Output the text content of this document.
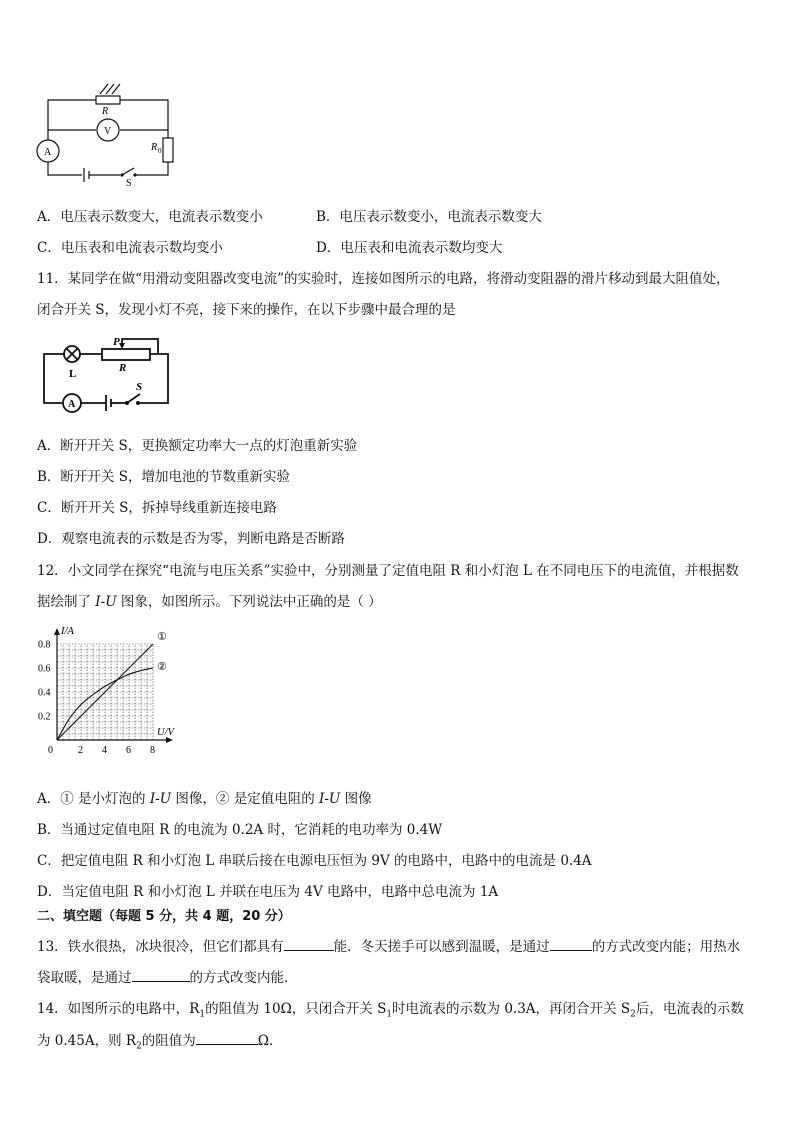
R
V
A	R 0
S
A．电压表示数变大，电流表示数变小	B．电压表示数变小，电流表示数变大
C．电压表和电流表示数均变小	D．电压表和电流表示数均变大
11．某同学在做“用滑动变阻器改变电流”的实验时，连接如图所示的电路，将滑动变阻器的滑片移动到最大阻值处，
闭合开关 S，发现小灯不亮，接下来的操作，在以下步骤中最合理的是
P
R
L
S
A
A．断开开关 S，更换额定功率大一点的灯泡重新实验
B．断开开关 S，增加电池的节数重新实验
C．断开开关 S，拆掉导线重新连接电路
D．观察电流表的示数是否为零，判断电路是否断路
12．小文同学在探究“电流与电压关系”实验中，分别测量了定值电阻 R 和小灯泡 L 在不同电压下的电流值，并根据数
据绘制了 I-U 图象，如图所示。下列说法中正确的是（ ）
0	2 4 6 8
0.2
0.4
0.6
0.8
U/V
I/A	①
②
A．① 是小灯泡的 I-U 图像，② 是定值电阻的 I-U 图像
B．当通过定值电阻 R 的电流为 0.2A 时，它消耗的电功率为 0.4W
C．把定值电阻 R 和小灯泡 L 串联后接在电源电压恒为 9V 的电路中，电路中的电流是 0.4A
D．当定值电阻 R 和小灯泡 L 并联在电压为 4V 电路中，电路中总电流为 1A
二、填空题（每题 5 分，共 4 题，20 分）
13．铁水很热，冰块很冷，但它们都具有	能．冬天搓手可以感到温暖，是通过	的方式改变内能；用热水
袋取暖，是通过	的方式改变内能．
14．如图所示的电路中，$R_1$的阻值为 10Ω，只闭合开关 $S_1$时电流表的示数为 0.3A，再闭合开关 $S_2$后，电流表的示数
为 0.45A，则 $R_2$的阻值为	Ω．
